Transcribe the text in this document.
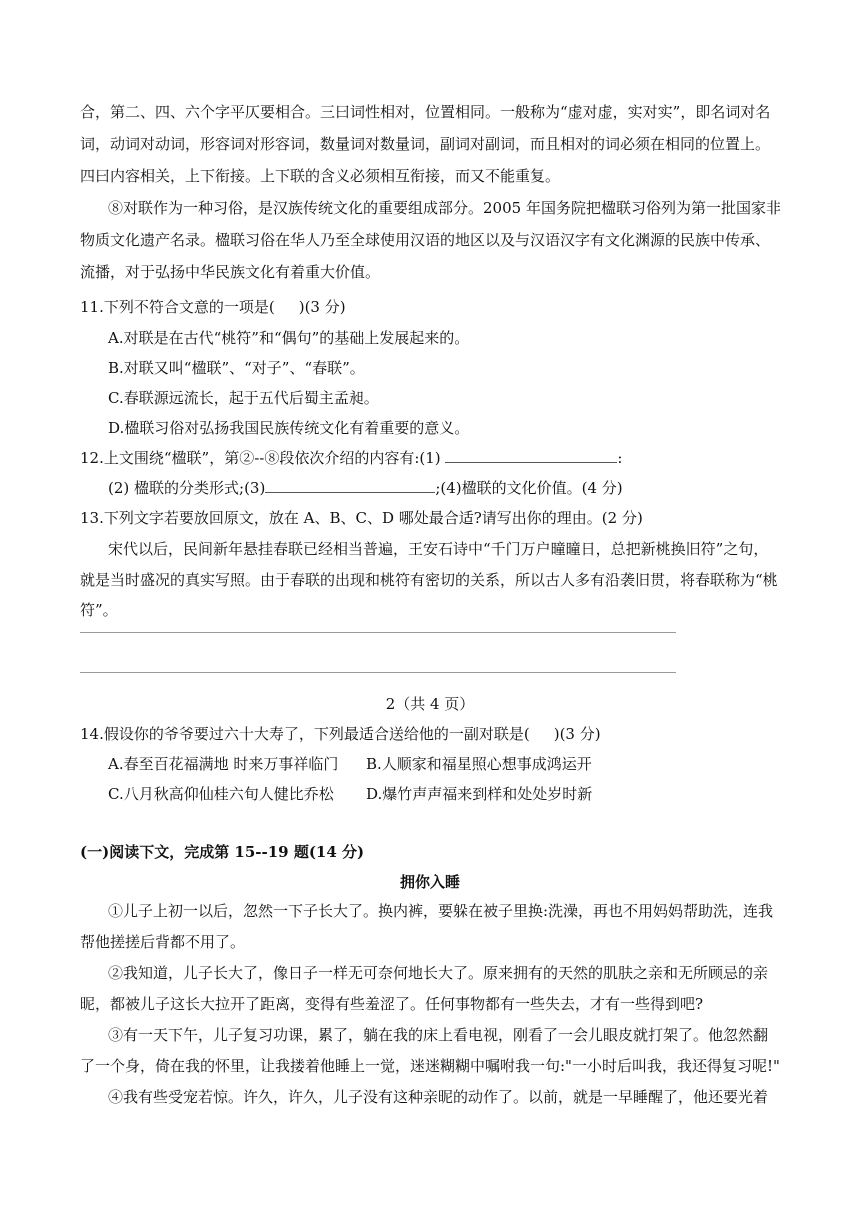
合，第二、四、六个字平仄要相合。三曰词性相对，位置相同。一般称为“虚对虚，实对实”，即名词对名
词，动词对动词，形容词对形容词，数量词对数量词，副词对副词，而且相对的词必须在相同的位置上。
四曰内容相关，上下衔接。上下联的含义必须相互衔接，而又不能重复。
⑧对联作为一种习俗，是汉族传统文化的重要组成部分。2005 年国务院把楹联习俗列为第一批国家非
物质文化遗产名录。楹联习俗在华人乃至全球使用汉语的地区以及与汉语汉字有文化渊源的民族中传承、
流播，对于弘扬中华民族文化有着重大价值。
11.下列不符合文意的一项是( )(3 分)
A.对联是在古代“桃符”和“偶句”的基础上发展起来的。
B.对联又叫“楹联”、“对子”、“春联”。
C.春联源远流长，起于五代后蜀主孟昶。
D.楹联习俗对弘扬我国民族传统文化有着重要的意义。
12.上文围绕“楹联”，第②--⑧段依次介绍的内容有:(1)	:
(2) 楹联的分类形式;(3)	;(4)楹联的文化价值。(4 分)
13.下列文字若要放回原文，放在 A、B、C、D 哪处最合适?请写出你的理由。(2 分)
宋代以后，民间新年悬挂春联已经相当普遍，王安石诗中“千门万户曈曈日，总把新桃换旧符”之句，
就是当时盛况的真实写照。由于春联的出现和桃符有密切的关系，所以古人多有沿袭旧贯，将春联称为“桃
符”。
2（共 4 页）
14.假设你的爷爷要过六十大寿了，下列最适合送给他的一副对联是( )(3 分)
A.春至百花福满地 时来万事祥临门 B.人顺家和福星照心想事成鸿运开
C.八月秋高仰仙桂六旬人健比乔松 D.爆竹声声福来到样和处处岁时新
(一)阅读下文，完成第 15--19 题(14 分)
拥你入睡
①儿子上初一以后，忽然一下子长大了。换内裤，要躲在被子里换:洗澡，再也不用妈妈帮助洗，连我
帮他搓搓后背都不用了。
②我知道，儿子长大了，像日子一样无可奈何地长大了。原来拥有的天然的肌肤之亲和无所顾忌的亲
昵，都被儿子这长大拉开了距离，变得有些羞涩了。任何事物都有一些失去，才有一些得到吧?
③有一天下午，儿子复习功课，累了，躺在我的床上看电视，刚看了一会儿眼皮就打架了。他忽然翻
了一个身，倚在我的怀里，让我搂着他睡上一觉，迷迷糊糊中嘱咐我一句:"一小时后叫我，我还得复习呢!"
④我有些受宠若惊。许久，许久，儿子没有这种亲昵的动作了。以前，就是一早睡醒了，他还要光着
